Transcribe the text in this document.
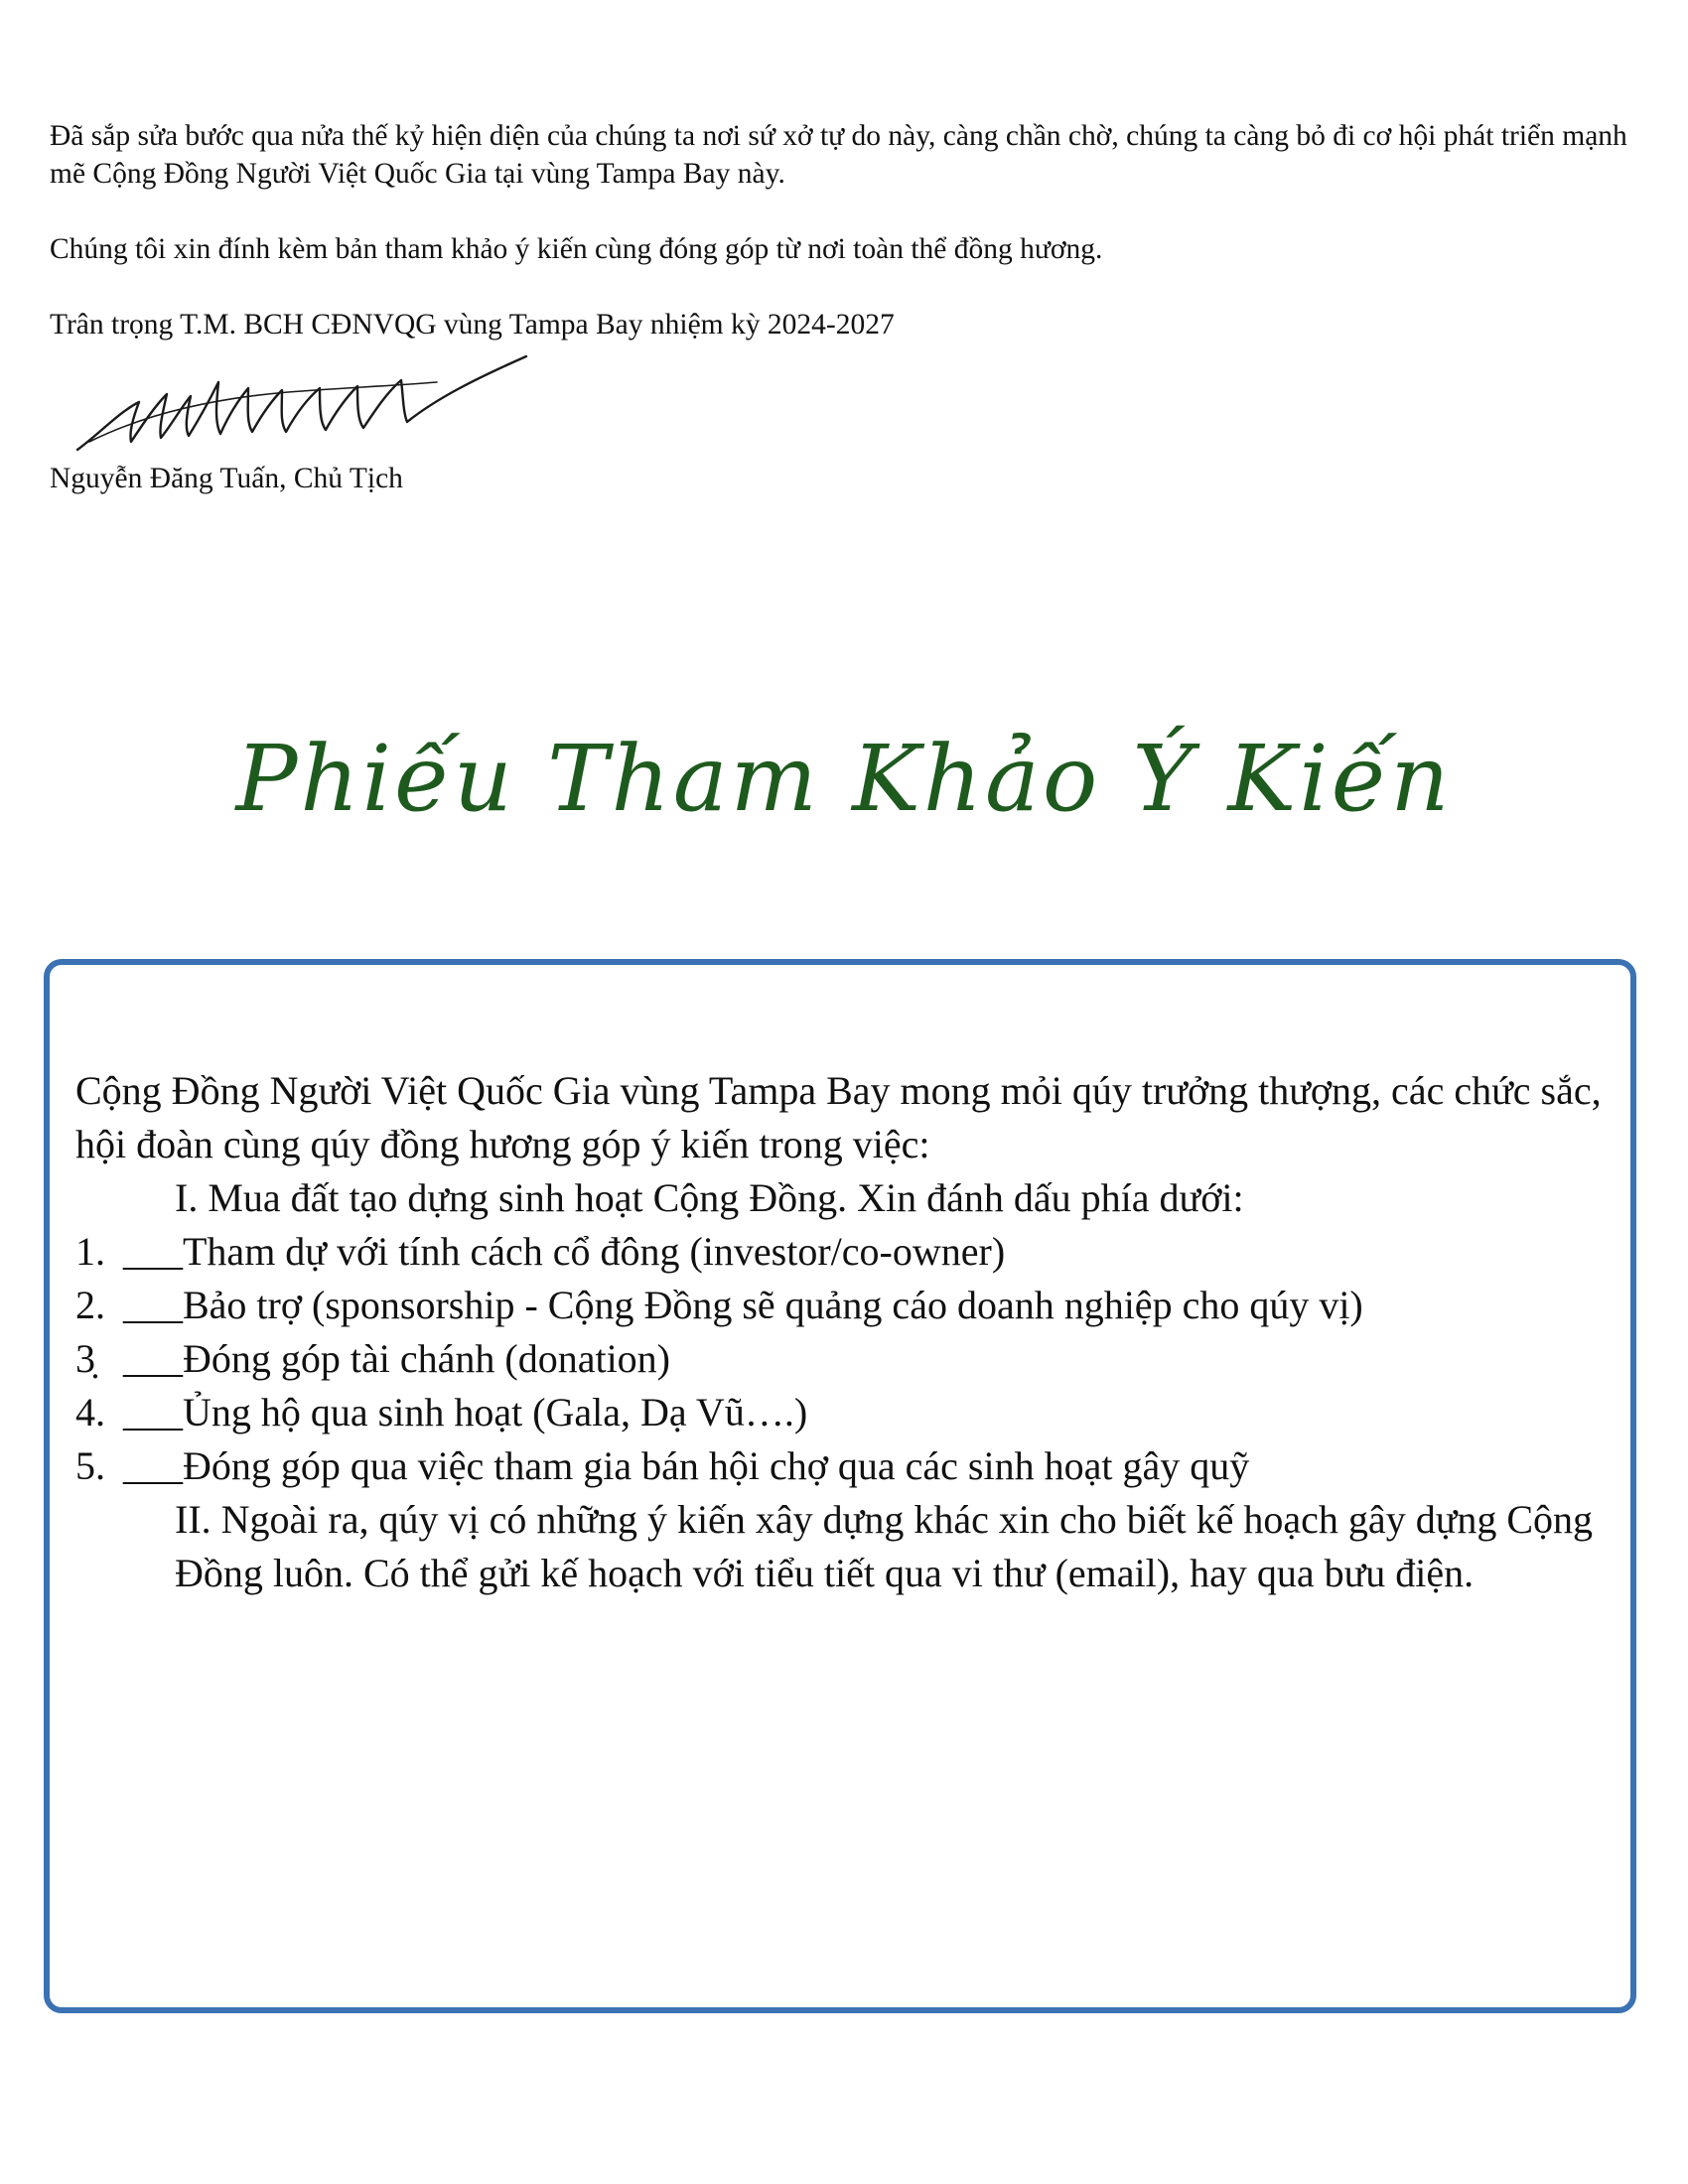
Đã sắp sửa bước qua nửa thế kỷ hiện diện của chúng ta nơi sứ xở tự do này, càng chần chờ, chúng ta càng bỏ đi cơ hội phát triển mạnh mẽ Cộng Đồng Người Việt Quốc Gia tại vùng Tampa Bay này.

Chúng tôi xin đính kèm bản tham khảo ý kiến cùng đóng góp từ nơi toàn thể đồng hương.

Trân trọng T.M. BCH CĐNVQG vùng Tampa Bay nhiệm kỳ 2024-2027

Nguyễn Đăng Tuấn, Chủ Tịch
Phiếu Tham Khảo Ý Kiến

Cộng Đồng Người Việt Quốc Gia vùng Tampa Bay mong mỏi qúy trưởng thượng, các chức sắc, hội đoàn cùng qúy đồng hương góp ý kiến trong việc:

I. Mua đất tạo dựng sinh hoạt Cộng Đồng. Xin đánh dấu phía dưới:

1. ___Tham dự với tính cách cổ đông (investor/co-owner)
2. ___Bảo trợ (sponsorship - Cộng Đồng sẽ quảng cáo doanh nghiệp cho qúy vị)
3̣ ___Đóng góp tài chánh (donation)
4. ___Ủng hộ qua sinh hoạt (Gala, Dạ Vũ….)
5. ___Đóng góp qua việc tham gia bán hội chợ qua các sinh hoạt gây quỹ

II. Ngoài ra, qúy vị có những ý kiến xây dựng khác xin cho biết kế hoạch gây dựng Cộng Đồng luôn. Có thể gửi kế hoạch với tiểu tiết qua vi thư (email), hay qua bưu điện.
